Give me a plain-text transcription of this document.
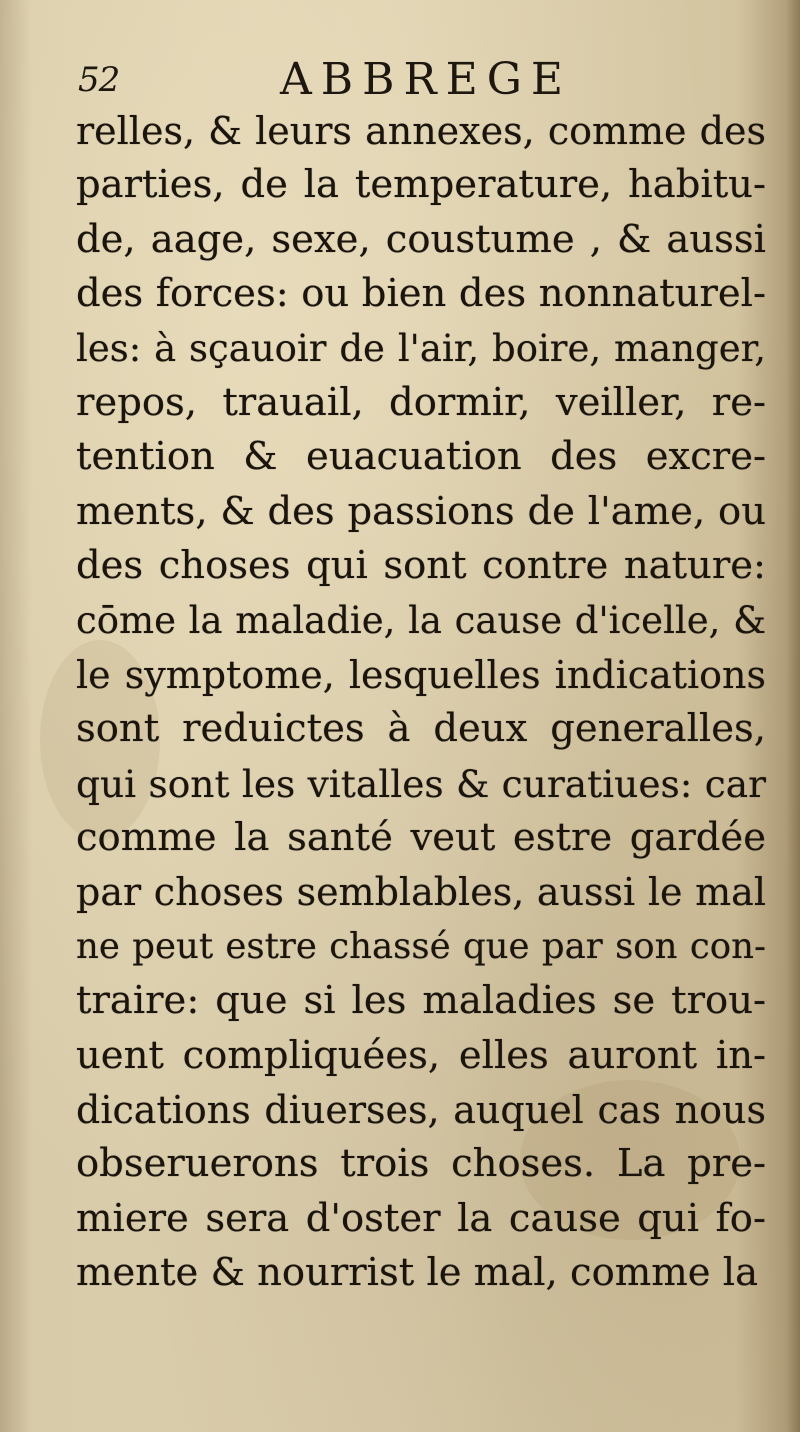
52	ABBREGE
relles, & leurs annexes, comme des
parties, de la temperature, habitu-
de, aage, sexe, coustume , & aussi
des forces: ou bien des nonnaturel-
les: à sçauoir de l'air, boire, manger,
repos, trauail, dormir, veiller, re-
tention & euacuation des excre-
ments, & des passions de l'ame, ou
des choses qui sont contre nature:
cōme la maladie, la cause d'icelle, &
le symptome, lesquelles indications
sont reduictes à deux generalles,
qui sont les vitalles & curatiues: car
comme la santé veut estre gardée
par choses semblables, aussi le mal
ne peut estre chassé que par son con-
traire: que si les maladies se trou-
uent compliquées, elles auront in-
dications diuerses, auquel cas nous
obseruerons trois choses. La pre-
miere sera d'oster la cause qui fo-
mente & nourrist le mal, comme la
